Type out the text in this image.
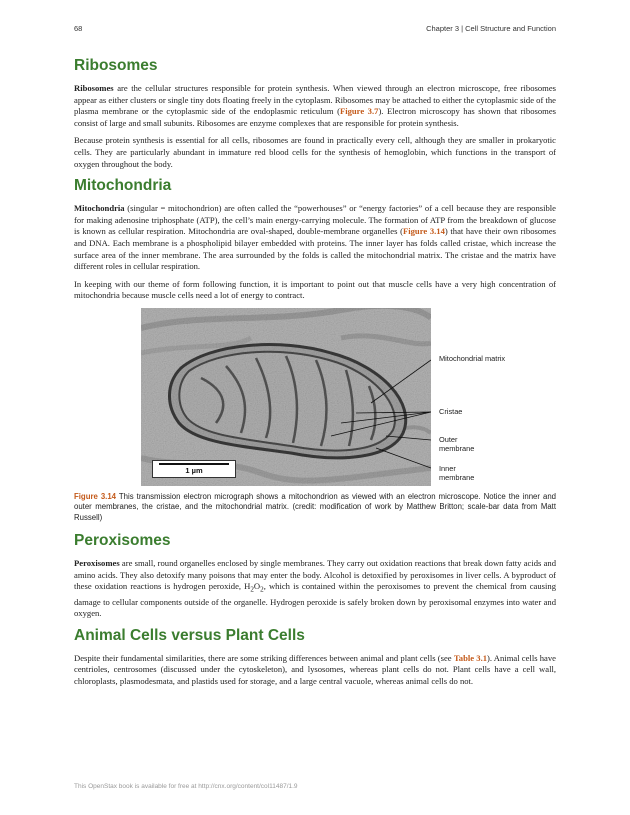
68	Chapter 3 | Cell Structure and Function
Ribosomes

Ribosomes are the cellular structures responsible for protein synthesis. When viewed through an electron microscope, free ribosomes appear as either clusters or single tiny dots floating freely in the cytoplasm. Ribosomes may be attached to either the cytoplasmic side of the plasma membrane or the cytoplasmic side of the endoplasmic reticulum (Figure 3.7). Electron microscopy has shown that ribosomes consist of large and small subunits. Ribosomes are enzyme complexes that are responsible for protein synthesis.

Because protein synthesis is essential for all cells, ribosomes are found in practically every cell, although they are smaller in prokaryotic cells. They are particularly abundant in immature red blood cells for the synthesis of hemoglobin, which functions in the transport of oxygen throughout the body.

Mitochondria

Mitochondria (singular = mitochondrion) are often called the “powerhouses” or “energy factories” of a cell because they are responsible for making adenosine triphosphate (ATP), the cell’s main energy-carrying molecule. The formation of ATP from the breakdown of glucose is known as cellular respiration. Mitochondria are oval-shaped, double-membrane organelles (Figure 3.14) that have their own ribosomes and DNA. Each membrane is a phospholipid bilayer embedded with proteins. The inner layer has folds called cristae, which increase the surface area of the inner membrane. The area surrounded by the folds is called the mitochondrial matrix. The cristae and the matrix have different roles in cellular respiration.

In keeping with our theme of form following function, it is important to point out that muscle cells have a very high concentration of mitochondria because muscle cells need a lot of energy to contract.

1 µm
Mitochondrial matrix
Cristae
Outer membrane
Inner membrane

Figure 3.14 This transmission electron micrograph shows a mitochondrion as viewed with an electron microscope. Notice the inner and outer membranes, the cristae, and the mitochondrial matrix. (credit: modification of work by Matthew Britton; scale-bar data from Matt Russell)

Peroxisomes

Peroxisomes are small, round organelles enclosed by single membranes. They carry out oxidation reactions that break down fatty acids and amino acids. They also detoxify many poisons that may enter the body. Alcohol is detoxified by peroxisomes in liver cells. A byproduct of these oxidation reactions is hydrogen peroxide, $H_2O_2$, which is contained within the peroxisomes to prevent the chemical from causing damage to cellular components outside of the organelle. Hydrogen peroxide is safely broken down by peroxisomal enzymes into water and oxygen.

Animal Cells versus Plant Cells

Despite their fundamental similarities, there are some striking differences between animal and plant cells (see Table 3.1). Animal cells have centrioles, centrosomes (discussed under the cytoskeleton), and lysosomes, whereas plant cells do not. Plant cells have a cell wall, chloroplasts, plasmodesmata, and plastids used for storage, and a large central vacuole, whereas animal cells do not.

This OpenStax book is available for free at http://cnx.org/content/col11487/1.9
